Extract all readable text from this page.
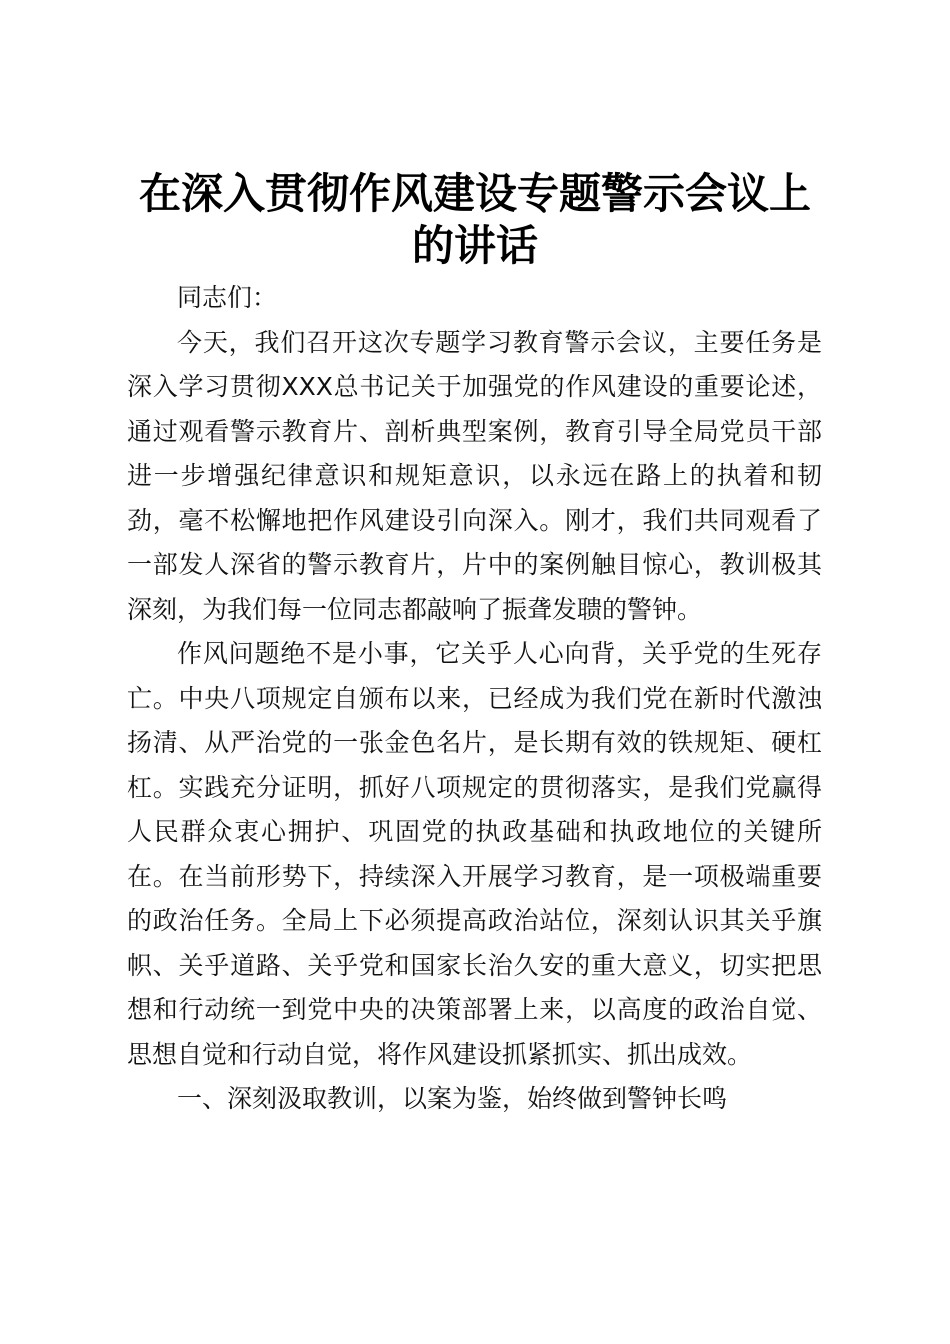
在深入贯彻作风建设专题警示会议上的讲话

同志们：

今天，我们召开这次专题学习教育警示会议，主要任务是深入学习贯彻XXX总书记关于加强党的作风建设的重要论述，通过观看警示教育片、剖析典型案例，教育引导全局党员干部进一步增强纪律意识和规矩意识，以永远在路上的执着和韧劲，毫不松懈地把作风建设引向深入。刚才，我们共同观看了一部发人深省的警示教育片，片中的案例触目惊心，教训极其深刻，为我们每一位同志都敲响了振聋发聩的警钟。

作风问题绝不是小事，它关乎人心向背，关乎党的生死存亡。中央八项规定自颁布以来，已经成为我们党在新时代激浊扬清、从严治党的一张金色名片，是长期有效的铁规矩、硬杠杠。实践充分证明，抓好八项规定的贯彻落实，是我们党赢得人民群众衷心拥护、巩固党的执政基础和执政地位的关键所在。在当前形势下，持续深入开展学习教育，是一项极端重要的政治任务。全局上下必须提高政治站位，深刻认识其关乎旗帜、关乎道路、关乎党和国家长治久安的重大意义，切实把思想和行动统一到党中央的决策部署上来，以高度的政治自觉、思想自觉和行动自觉，将作风建设抓紧抓实、抓出成效。

一、深刻汲取教训，以案为鉴，始终做到警钟长鸣
